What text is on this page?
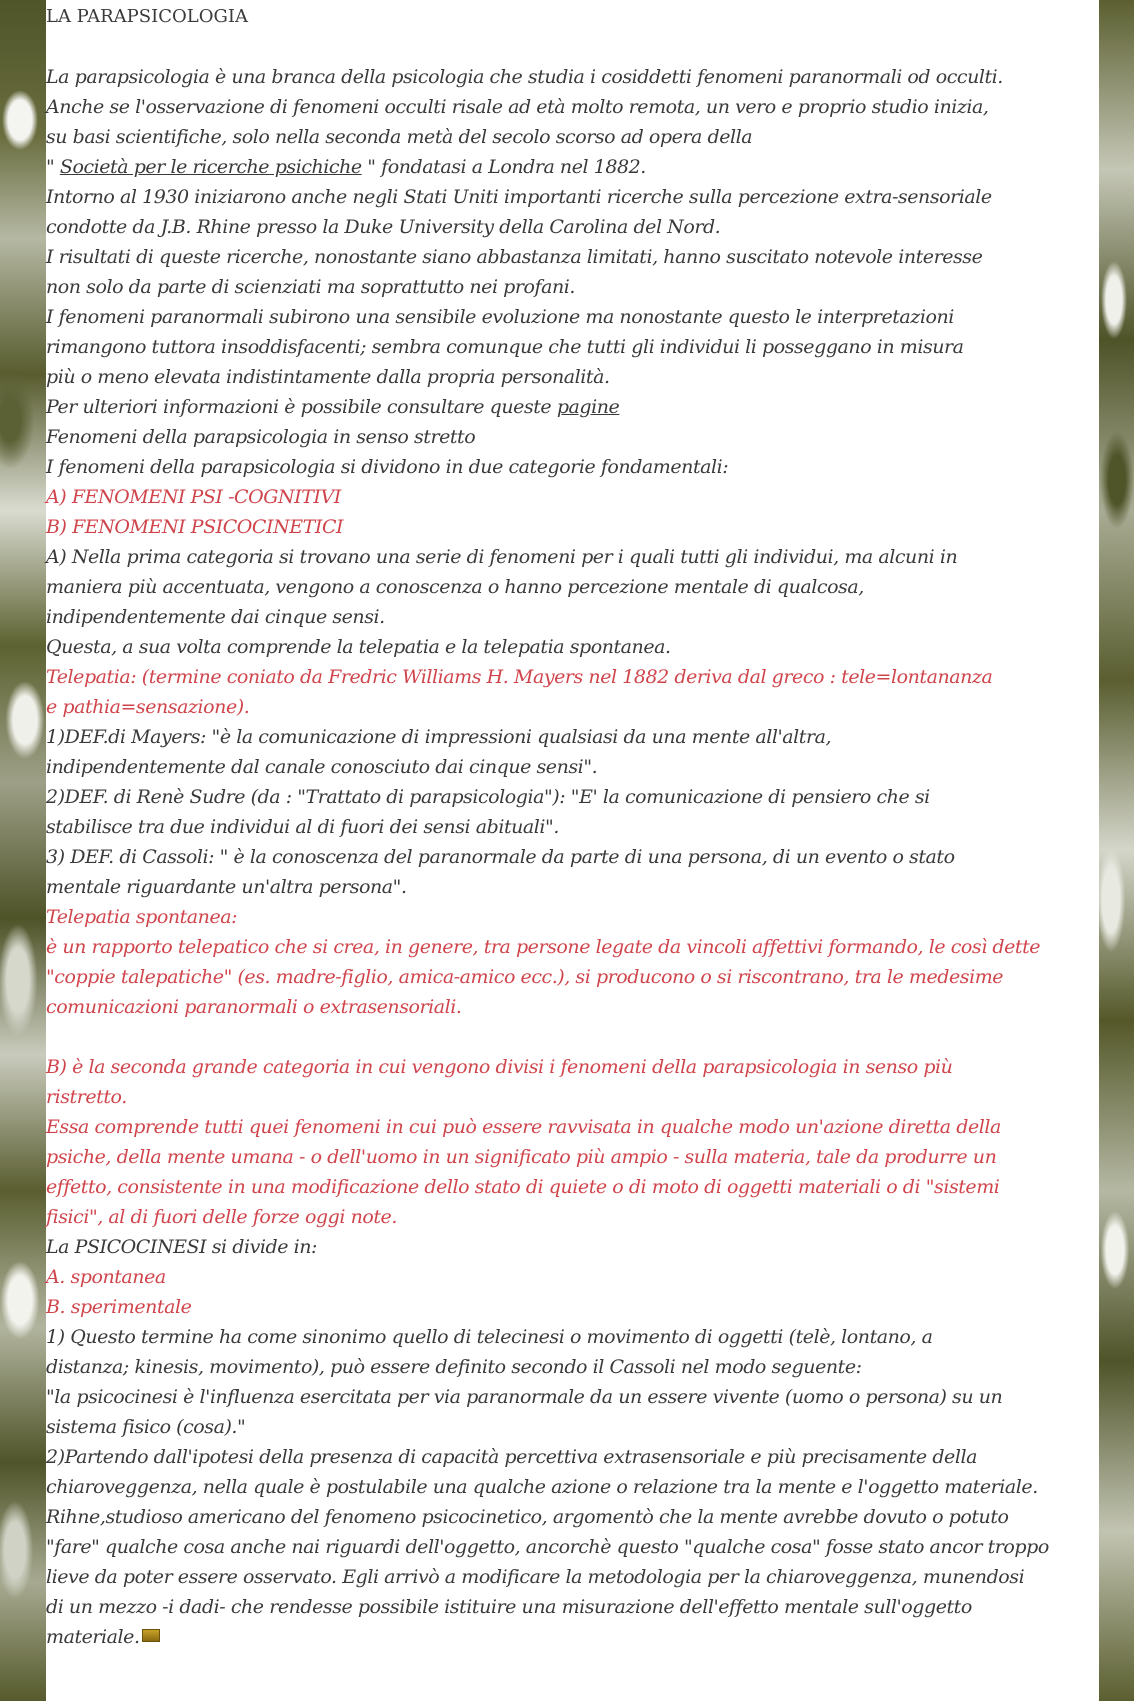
LA PARAPSICOLOGIA
La parapsicologia è una branca della psicologia che studia i cosiddetti fenomeni paranormali od occulti.
Anche se l'osservazione di fenomeni occulti risale ad età molto remota, un vero e proprio studio inizia,
su basi scientifiche, solo nella seconda metà del secolo scorso ad opera della
" Società per le ricerche psichiche " fondatasi a Londra nel 1882.
Intorno al 1930 iniziarono anche negli Stati Uniti importanti ricerche sulla percezione extra-sensoriale
condotte da J.B. Rhine presso la Duke University della Carolina del Nord.
I risultati di queste ricerche, nonostante siano abbastanza limitati, hanno suscitato notevole interesse
non solo da parte di scienziati ma soprattutto nei profani.
I fenomeni paranormali subirono una sensibile evoluzione ma nonostante questo le interpretazioni
rimangono tuttora insoddisfacenti; sembra comunque che tutti gli individui li posseggano in misura
più o meno elevata indistintamente dalla propria personalità.
Per ulteriori informazioni è possibile consultare queste pagine
Fenomeni della parapsicologia in senso stretto
I fenomeni della parapsicologia si dividono in due categorie fondamentali:
A) FENOMENI PSI -COGNITIVI
B) FENOMENI PSICOCINETICI
A) Nella prima categoria si trovano una serie di fenomeni per i quali tutti gli individui, ma alcuni in
maniera più accentuata, vengono a conoscenza o hanno percezione mentale di qualcosa,
indipendentemente dai cinque sensi.
Questa, a sua volta comprende la telepatia e la telepatia spontanea.
Telepatia: (termine coniato da Fredric Williams H. Mayers nel 1882 deriva dal greco : tele=lontananza
e pathia=sensazione).
1)DEF.di Mayers: "è la comunicazione di impressioni qualsiasi da una mente all'altra,
indipendentemente dal canale conosciuto dai cinque sensi".
2)DEF. di Renè Sudre (da : "Trattato di parapsicologia"): "E' la comunicazione di pensiero che si
stabilisce tra due individui al di fuori dei sensi abituali".
3) DEF. di Cassoli: " è la conoscenza del paranormale da parte di una persona, di un evento o stato
mentale riguardante un'altra persona".
Telepatia spontanea:
è un rapporto telepatico che si crea, in genere, tra persone legate da vincoli affettivi formando, le così dette
"coppie talepatiche" (es. madre-figlio, amica-amico ecc.), si producono o si riscontrano, tra le medesime
comunicazioni paranormali o extrasensoriali.
B) è la seconda grande categoria in cui vengono divisi i fenomeni della parapsicologia in senso più
ristretto.
Essa comprende tutti quei fenomeni in cui può essere ravvisata in qualche modo un'azione diretta della
psiche, della mente umana - o dell'uomo in un significato più ampio - sulla materia, tale da produrre un
effetto, consistente in una modificazione dello stato di quiete o di moto di oggetti materiali o di "sistemi
fisici", al di fuori delle forze oggi note.
La PSICOCINESI si divide in:
A. spontanea
B. sperimentale
1) Questo termine ha come sinonimo quello di telecinesi o movimento di oggetti (telè, lontano, a
distanza; kinesis, movimento), può essere definito secondo il Cassoli nel modo seguente:
"la psicocinesi è l'influenza esercitata per via paranormale da un essere vivente (uomo o persona) su un
sistema fisico (cosa)."
2)Partendo dall'ipotesi della presenza di capacità percettiva extrasensoriale e più precisamente della
chiaroveggenza, nella quale è postulabile una qualche azione o relazione tra la mente e l'oggetto materiale.
Rihne,studioso americano del fenomeno psicocinetico, argomentò che la mente avrebbe dovuto o potuto
"fare" qualche cosa anche nai riguardi dell'oggetto, ancorchè questo "qualche cosa" fosse stato ancor troppo
lieve da poter essere osservato. Egli arrivò a modificare la metodologia per la chiaroveggenza, munendosi
di un mezzo -i dadi- che rendesse possibile istituire una misurazione dell'effetto mentale sull'oggetto
materiale.
